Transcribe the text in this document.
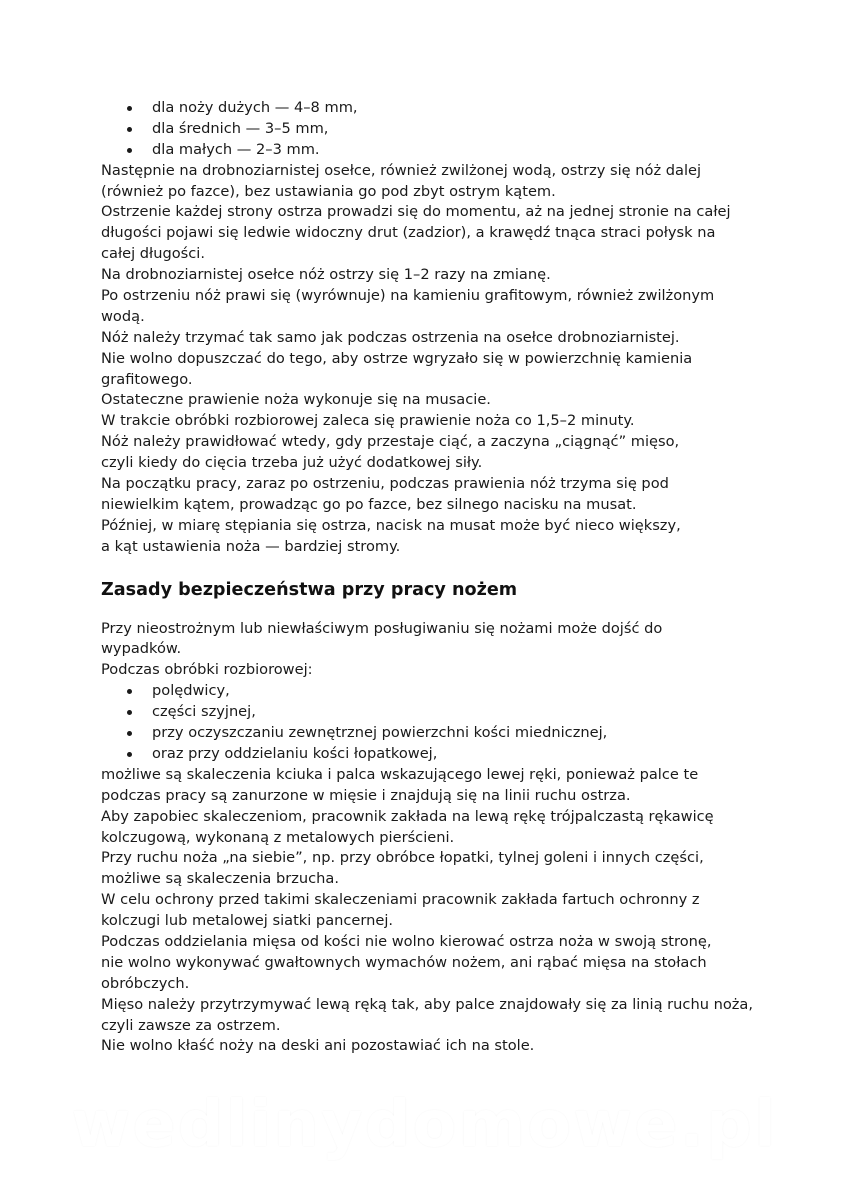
dla noży dużych — 4–8 mm,
dla średnich — 3–5 mm,
dla małych — 2–3 mm.
Następnie na drobnoziarnistej osełce, również zwilżonej wodą, ostrzy się nóż dalej
(również po fazce), bez ustawiania go pod zbyt ostrym kątem.
Ostrzenie każdej strony ostrza prowadzi się do momentu, aż na jednej stronie na całej
długości pojawi się ledwie widoczny drut (zadzior), a krawędź tnąca straci połysk na
całej długości.
Na drobnoziarnistej osełce nóż ostrzy się 1–2 razy na zmianę.
Po ostrzeniu nóż prawi się (wyrównuje) na kamieniu grafitowym, również zwilżonym
wodą.
Nóż należy trzymać tak samo jak podczas ostrzenia na osełce drobnoziarnistej.
Nie wolno dopuszczać do tego, aby ostrze wgryzało się w powierzchnię kamienia
grafitowego.
Ostateczne prawienie noża wykonuje się na musacie.
W trakcie obróbki rozbiorowej zaleca się prawienie noża co 1,5–2 minuty.
Nóż należy prawidłować wtedy, gdy przestaje ciąć, a zaczyna „ciągnąć” mięso,
czyli kiedy do cięcia trzeba już użyć dodatkowej siły.
Na początku pracy, zaraz po ostrzeniu, podczas prawienia nóż trzyma się pod
niewielkim kątem, prowadząc go po fazce, bez silnego nacisku na musat.
Później, w miarę stępiania się ostrza, nacisk na musat może być nieco większy,
a kąt ustawienia noża — bardziej stromy.
Zasady bezpieczeństwa przy pracy nożem
Przy nieostrożnym lub niewłaściwym posługiwaniu się nożami może dojść do
wypadków.
Podczas obróbki rozbiorowej:
polędwicy,
części szyjnej,
przy oczyszczaniu zewnętrznej powierzchni kości miednicznej,
oraz przy oddzielaniu kości łopatkowej,
możliwe są skaleczenia kciuka i palca wskazującego lewej ręki, ponieważ palce te
podczas pracy są zanurzone w mięsie i znajdują się na linii ruchu ostrza.
Aby zapobiec skaleczeniom, pracownik zakłada na lewą rękę trójpalczastą rękawicę
kolczugową, wykonaną z metalowych pierścieni.
Przy ruchu noża „na siebie”, np. przy obróbce łopatki, tylnej goleni i innych części,
możliwe są skaleczenia brzucha.
W celu ochrony przed takimi skaleczeniami pracownik zakłada fartuch ochronny z
kolczugi lub metalowej siatki pancernej.
Podczas oddzielania mięsa od kości nie wolno kierować ostrza noża w swoją stronę,
nie wolno wykonywać gwałtownych wymachów nożem, ani rąbać mięsa na stołach
obróbczych.
Mięso należy przytrzymywać lewą ręką tak, aby palce znajdowały się za linią ruchu noża,
czyli zawsze za ostrzem.
Nie wolno kłaść noży na deski ani pozostawiać ich na stole.
wedlinydomowe.pl
